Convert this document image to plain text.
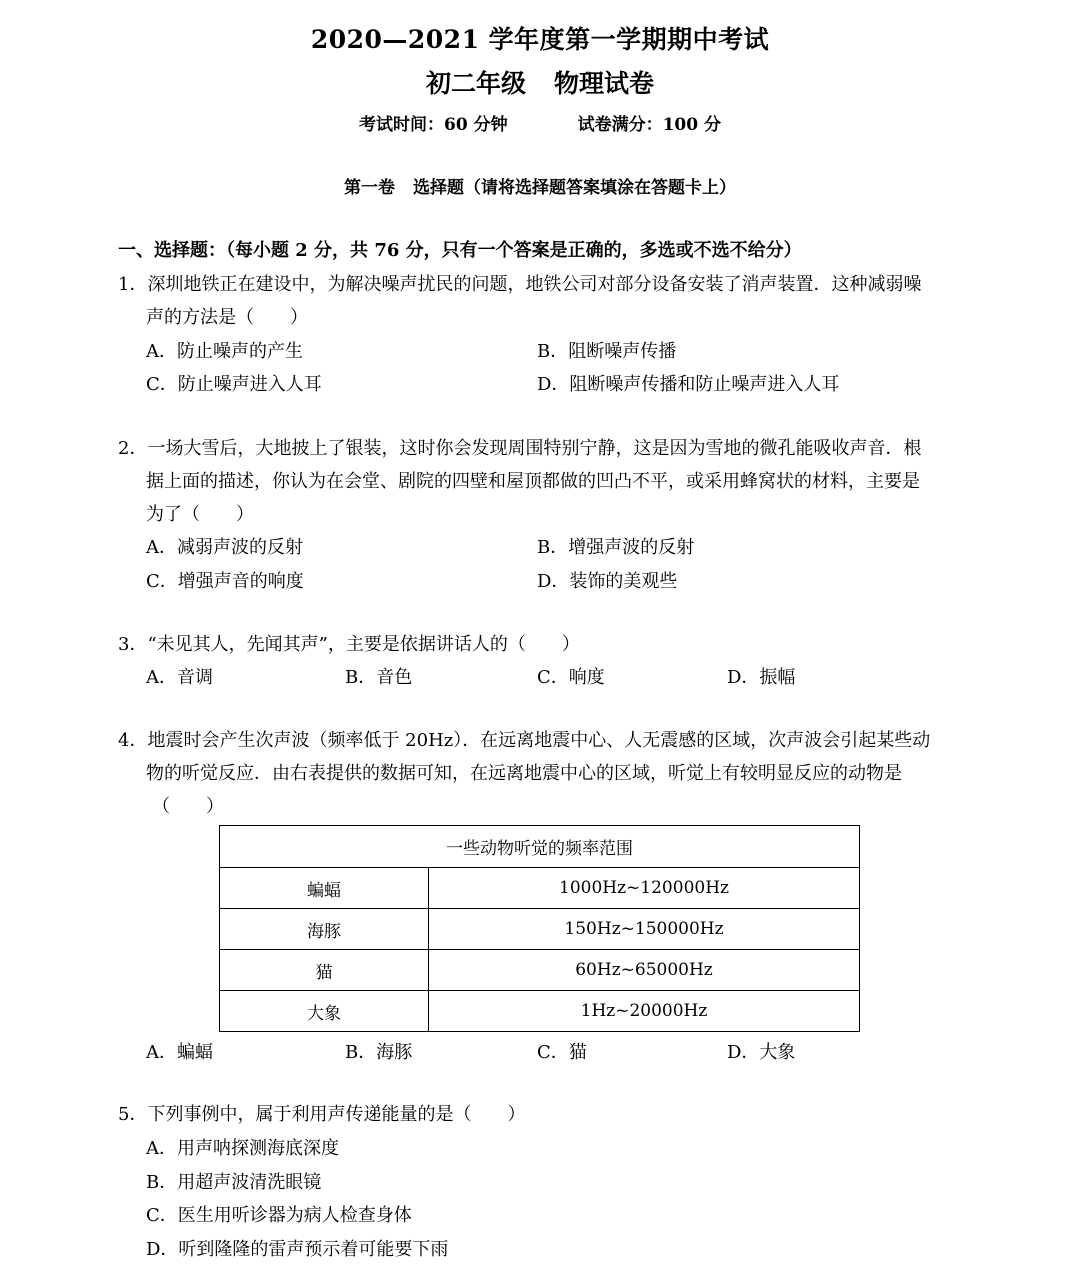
2020—2021 学年度第一学期期中考试
初二年级 物理试卷
考试时间：60 分钟	试卷满分：100 分
第一卷 选择题（请将选择题答案填涂在答题卡上）
一、选择题：（每小题 2 分，共 76 分，只有一个答案是正确的，多选或不选不给分）
1．深圳地铁正在建设中，为解决噪声扰民的问题，地铁公司对部分设备安装了消声装置．这种减弱噪
声的方法是（　　）
A．防止噪声的产生	B．阻断噪声传播
C．防止噪声进入人耳	D．阻断噪声传播和防止噪声进入人耳
2．一场大雪后，大地披上了银装，这时你会发现周围特别宁静，这是因为雪地的微孔能吸收声音．根
据上面的描述，你认为在会堂、剧院的四壁和屋顶都做的凹凸不平，或采用蜂窝状的材料，主要是
为了（　　）
A．减弱声波的反射	B．增强声波的反射
C．增强声音的响度	D．装饰的美观些
3．“未见其人，先闻其声”，主要是依据讲话人的（　　）
A．音调	B．音色	C．响度	D．振幅
4．地震时会产生次声波（频率低于 20Hz）．在远离地震中心、人无震感的区域，次声波会引起某些动
物的听觉反应．由右表提供的数据可知，在远离地震中心的区域，听觉上有较明显反应的动物是
（　　）
一些动物听觉的频率范围	
蝙蝠	1000Hz~120000Hz
海豚	150Hz~150000Hz
猫	60Hz~65000Hz
大象	1Hz~20000Hz
A．蝙蝠	B．海豚	C．猫	D．大象
5．下列事例中，属于利用声传递能量的是（　　）
A．用声呐探测海底深度
B．用超声波清洗眼镜
C．医生用听诊器为病人检查身体
D．听到隆隆的雷声预示着可能要下雨
